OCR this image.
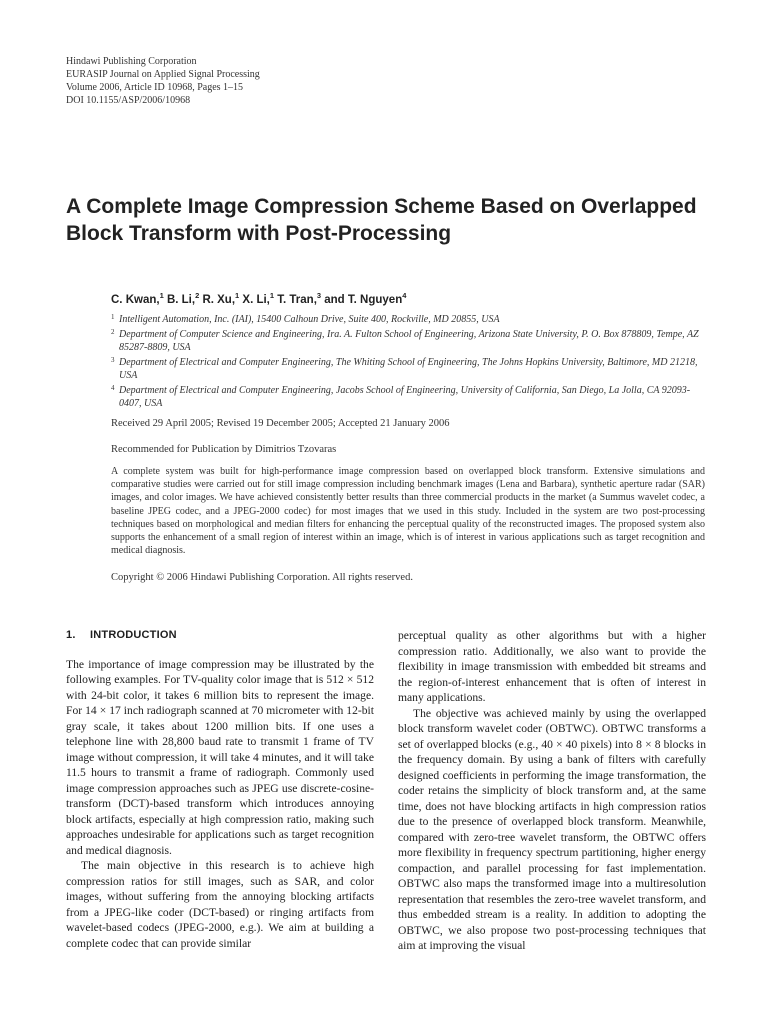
Hindawi Publishing Corporation
EURASIP Journal on Applied Signal Processing
Volume 2006, Article ID 10968, Pages 1–15
DOI 10.1155/ASP/2006/10968
A Complete Image Compression Scheme Based on Overlapped Block Transform with Post-Processing
C. Kwan,$^1$ B. Li,$^2$ R. Xu,$^1$ X. Li,$^1$ T. Tran,$^3$ and T. Nguyen$^4$
1 Intelligent Automation, Inc. (IAI), 15400 Calhoun Drive, Suite 400, Rockville, MD 20855, USA
2 Department of Computer Science and Engineering, Ira. A. Fulton School of Engineering, Arizona State University, P. O. Box 878809, Tempe, AZ 85287-8809, USA
3 Department of Electrical and Computer Engineering, The Whiting School of Engineering, The Johns Hopkins University, Baltimore, MD 21218, USA
4 Department of Electrical and Computer Engineering, Jacobs School of Engineering, University of California, San Diego, La Jolla, CA 92093-0407, USA
Received 29 April 2005; Revised 19 December 2005; Accepted 21 January 2006
Recommended for Publication by Dimitrios Tzovaras

A complete system was built for high-performance image compression based on overlapped block transform. Extensive simulations and comparative studies were carried out for still image compression including benchmark images (Lena and Barbara), synthetic aperture radar (SAR) images, and color images. We have achieved consistently better results than three commercial products in the market (a Summus wavelet codec, a baseline JPEG codec, and a JPEG-2000 codec) for most images that we used in this study. Included in the system are two post-processing techniques based on morphological and median filters for enhancing the perceptual quality of the reconstructed images. The proposed system also supports the enhancement of a small region of interest within an image, which is of interest in various applications such as target recognition and medical diagnosis.

Copyright © 2006 Hindawi Publishing Corporation. All rights reserved.
1. INTRODUCTION

The importance of image compression may be illustrated by the following examples. For TV-quality color image that is 512 × 512 with 24-bit color, it takes 6 million bits to represent the image. For 14 × 17 inch radiograph scanned at 70 micrometer with 12-bit gray scale, it takes about 1200 million bits. If one uses a telephone line with 28,800 baud rate to transmit 1 frame of TV image without compression, it will take 4 minutes, and it will take 11.5 hours to transmit a frame of radiograph. Commonly used image compression approaches such as JPEG use discrete-cosine-transform (DCT)-based transform which introduces annoying block artifacts, especially at high compression ratio, making such approaches undesirable for applications such as target recognition and medical diagnosis.

The main objective in this research is to achieve high compression ratios for still images, such as SAR, and color images, without suffering from the annoying blocking artifacts from a JPEG-like coder (DCT-based) or ringing artifacts from wavelet-based codecs (JPEG-2000, e.g.). We aim at building a complete codec that can provide similar

perceptual quality as other algorithms but with a higher compression ratio. Additionally, we also want to provide the flexibility in image transmission with embedded bit streams and the region-of-interest enhancement that is often of interest in many applications.

The objective was achieved mainly by using the overlapped block transform wavelet coder (OBTWC). OBTWC transforms a set of overlapped blocks (e.g., 40 × 40 pixels) into 8 × 8 blocks in the frequency domain. By using a bank of filters with carefully designed coefficients in performing the image transformation, the coder retains the simplicity of block transform and, at the same time, does not have blocking artifacts in high compression ratios due to the presence of overlapped block transform. Meanwhile, compared with zero-tree wavelet transform, the OBTWC offers more flexibility in frequency spectrum partitioning, higher energy compaction, and parallel processing for fast implementation. OBTWC also maps the transformed image into a multiresolution representation that resembles the zero-tree wavelet transform, and thus embedded stream is a reality. In addition to adopting the OBTWC, we also propose two post-processing techniques that aim at improving the visual
